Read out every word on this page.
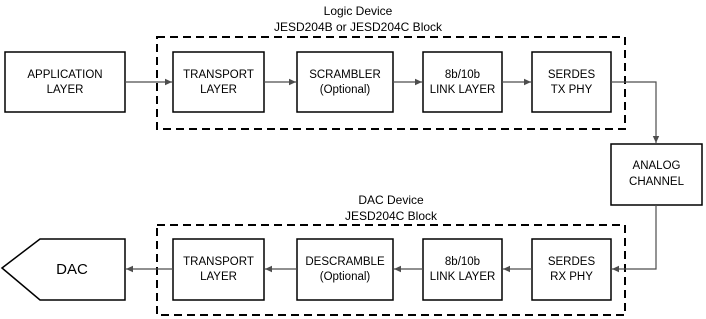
Logic Device
JESD204B or JESD204C Block
DAC Device
JESD204C Block
APPLICATION
LAYER
TRANSPORT
LAYER
SCRAMBLER
(Optional)
8b/10b
LINK LAYER
SERDES
TX PHY
ANALOG
CHANNEL
SERDES
RX PHY
8b/10b
LINK LAYER
DESCRAMBLE
(Optional)
TRANSPORT
LAYER
DAC
